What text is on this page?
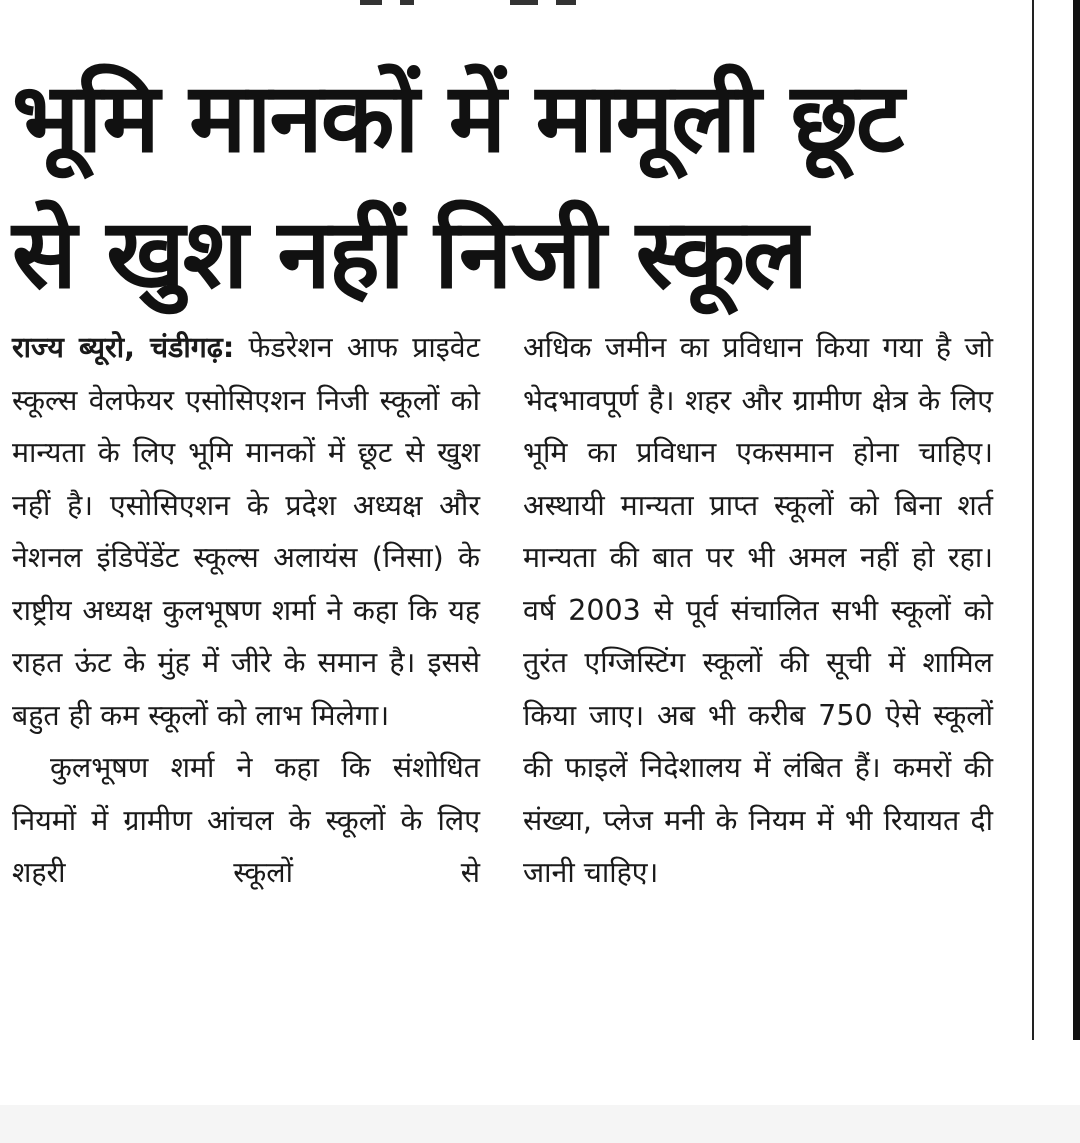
भूमि मानकों में मामूली छूट
से खुश नहीं निजी स्कूल

राज्य ब्यूरो, चंडीगढ़: फेडरेशन आफ प्राइवेट स्कूल्स वेलफेयर एसोसिएशन निजी स्कूलों को मान्यता के लिए भूमि मानकों में छूट से खुश नहीं है। एसोसिएशन के प्रदेश अध्यक्ष और नेशनल इंडिपेंडेंट स्कूल्स अलायंस (निसा) के राष्ट्रीय अध्यक्ष कुलभूषण शर्मा ने कहा कि यह राहत ऊंट के मुंह में जीरे के समान है। इससे बहुत ही कम स्कूलों को लाभ मिलेगा।

कुलभूषण शर्मा ने कहा कि संशोधित नियमों में ग्रामीण आंचल के स्कूलों के लिए शहरी स्कूलों से

अधिक जमीन का प्रविधान किया गया है जो भेदभावपूर्ण है। शहर और ग्रामीण क्षेत्र के लिए भूमि का प्रविधान एकसमान होना चाहिए। अस्थायी मान्यता प्राप्त स्कूलों को बिना शर्त मान्यता की बात पर भी अमल नहीं हो रहा। वर्ष 2003 से पूर्व संचालित सभी स्कूलों को तुरंत एग्जिस्टिंग स्कूलों की सूची में शामिल किया जाए। अब भी करीब 750 ऐसे स्कूलों की फाइलें निदेशालय में लंबित हैं। कमरों की संख्या, प्लेज मनी के नियम में भी रियायत दी जानी चाहिए।
